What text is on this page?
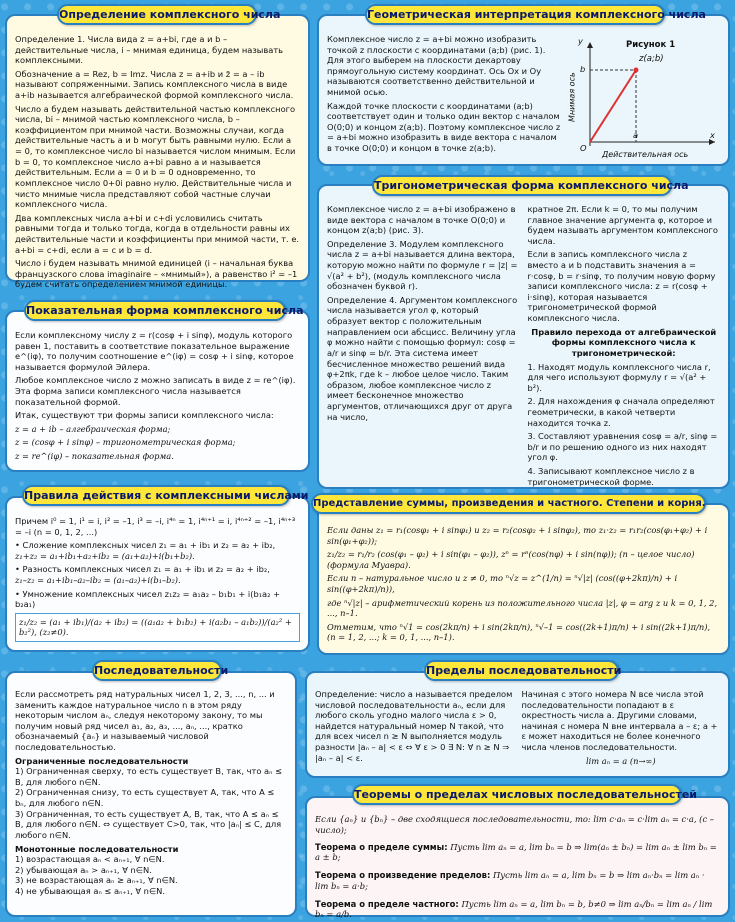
Определение 1. Числа вида z = a+bi, где a и b – действительные числа, i – мнимая единица, будем называть комплексными.

Обозначение a = Rez, b = Imz. Числа z = a+ib и z̄ = a – ib называют сопряженными. Запись комплексного числа в виде a+ib называется алгебраической формой комплексного числа.

Число a будем называть действительной частью комплексного числа, bi – мнимой частью комплексного числа, b – коэффициентом при мнимой части. Возможны случаи, когда действительные часть a и b могут быть равными нулю. Если a = 0, то комплексное число bi называется числом мнимым. Если b = 0, то комплексное число a+bi равно a и называется действительным. Если a = 0 и b = 0 одновременно, то комплексное число 0+0i равно нулю. Действительные числа и чисто мнимые числа представляют собой частные случаи комплексного числа.

Два комплексных числа a+bi и c+di условились считать равными тогда и только тогда, когда в отдельности равны их действительные части и коэффициенты при мнимой части, т. е. a+bi = c+di, если a = c и b = d.

Число i будем называть мнимой единицей (i – начальная буква французского слова imaginaire – «мнимый»), а равенство i² = –1 будем считать определением мнимой единицы.

Определение комплексного числа

Комплексное число z = a+bi можно изобразить точкой z плоскости с координатами (a;b) (рис. 1). Для этого выберем на плоскости декартову прямоугольную систему координат. Ось Ox и Oy называются соответственно действительной и мнимой осью.

Каждой точке плоскости с координатами (a;b) соответствует один и только один вектор с началом O(0;0) и концом z(a;b). Поэтому комплексное число z = a+bi можно изобразить в виде вектора с началом в точке O(0;0) и концом в точке z(a;b).

Рисунок 1
z(a;b)
y
x
b
a
O
Мнимая ось
Действительная ось
Геометрическая интерпретация комплексного числа

Комплексное число z = a+bi изображено в виде вектора с началом в точке O(0;0) и концом z(a;b) (рис. 3).

Определение 3. Модулем комплексного числа z = a+bi называется длина вектора, которую можно найти по формуле r = |z| = √(a² + b²), (модуль комплексного числа обозначен буквой r).

Определение 4. Аргументом комплексного числа называется угол φ, который образует вектор с положительным направлением оси абсцисс. Величину угла φ можно найти с помощью формул: cosφ = a/r и sinφ = b/r. Эта система имеет бесчисленное множество решений вида φ+2πk, где k – любое целое число. Таким образом, любое комплексное число z имеет бесконечное множество аргументов, отличающихся друг от друга на число,

кратное 2π. Если k = 0, то мы получим главное значение аргумента φ, которое и будем называть аргументом комплексного числа.

Если в запись комплексного числа z вместо a и b подставить значения a = r·cosφ, b = r·sinφ, то получим новую форму записи комплексного числа: z = r(cosφ + i·sinφ), которая называется тригонометрической формой комплексного числа.

Правило перехода от алгебраической формы комплексного числа к тригонометрической:

1. Находят модуль комплексного числа r, для чего используют формулу r = √(a² + b²).

2. Для нахождения φ сначала определяют геометрически, в какой четверти находится точка z.

3. Составляют уравнения cosφ = a/r, sinφ = b/r и по решению одного из них находят угол φ.

4. Записывают комплексное число z в тригонометрической форме.

Тригонометрическая форма комплексного числа

Если комплексному числу z = r(cosφ + i sinφ), модуль которого равен 1, поставить в соответствие показательное выражение e^(iφ), то получим соотношение e^(iφ) = cosφ + i sinφ, которое называется формулой Эйлера.

Любое комплексное число z можно записать в виде z = re^(iφ). Эта форма записи комплексного числа называется показательной формой.

Итак, существуют три формы записи комплексного числа:

z = a + ib – алгебраическая форма;

z = (cosφ + i sinφ) – тригонометрическая форма;

z = re^(iφ) – показательная форма.

Показательная форма комплексного числа

Причем i⁰ = 1, i¹ = i, i² = –1, i³ = –i, i⁴ⁿ = 1, i⁴ⁿ⁺¹ = i, i⁴ⁿ⁺² = –1, i⁴ⁿ⁺³ = –i (n = 0, 1, 2, ...)

• Сложение комплексных чисел z₁ = a₁ + ib₁ и z₂ = a₂ + ib₂,

z₁+z₂ = a₁+ib₁+a₂+ib₂ = (a₁+a₂)+i(b₁+b₂).

• Разность комплексных чисел z₁ = a₁ + ib₁ и z₂ = a₂ + ib₂,

z₁–z₂ = a₁+ib₁–a₂–ib₂ = (a₁–a₂)+i(b₁–b₂).

• Умножение комплексных чисел z₁z₂ = a₁a₂ – b₁b₁ + i(b₁a₂ + b₂a₁)

z₁/z₂ = (a₁ + ib₁)/(a₂ + ib₂) = ((a₁a₂ + b₁b₂) + i(a₂b₁ – a₁b₂))/(a₂² + b₂²), (z₂≠0).

Правила действия с комплексными числами

Если даны z₁ = r₁(cosφ₁ + i sinφ₁) и z₂ = r₂(cosφ₂ + i sinφ₂), то z₁·z₂ = r₁r₂(cos(φ₁+φ₂) + i sin(φ₁+φ₂));

z₁/z₂ = r₁/r₂ (cos(φ₁ – φ₂) + i sin(φ₁ – φ₂)), zⁿ = rⁿ(cos(nφ) + i sin(nφ)); (n – целое число) (формула Муавра).

Если n – натуральное число и z ≠ 0, то ⁿ√z = z^(1/n) = ⁿ√|z| (cos((φ+2kπ)/n) + i sin((φ+2kπ)/n)),

где ⁿ√|z| – арифметический корень из положительного числа |z|, φ = arg z и k = 0, 1, 2, ..., n–1.

Отметим, что ⁿ√1 = cos(2kπ/n) + i sin(2kπ/n), ⁿ√–1 = cos((2k+1)π/n) + i sin((2k+1)π/n), (n = 1, 2, ...; k = 0, 1, ..., n–1).

Представление суммы, произведения и частного. Степени и корня.

Если рассмотреть ряд натуральных чисел 1, 2, 3, ..., n, ... и заменить каждое натуральное число n в этом ряду некоторым числом aₙ, следуя некоторому закону, то мы получим новый ряд чисел a₁, a₂, a₃, ..., aₙ, ..., кратко обозначаемый {aₙ} и называемый числовой последовательностью.

Ограниченные последовательности

1) Ограниченная сверху, то есть существует B, так, что aₙ ≤ B, для любого n∈N.

2) Ограниченная снизу, то есть существует A, так, что A ≤ bₙ, для любого n∈N.

3) Ограниченная, то есть существует A, B, так, что A ≤ aₙ ≤ B, для любого n∈N. ⇔ существует C>0, так, что |aₙ| ≤ C, для любого n∈N.

Монотонные последовательности

1) возрастающая aₙ < aₙ₊₁, ∀ n∈N.

2) убывающая aₙ > aₙ₊₁, ∀ n∈N.

3) не возрастающая aₙ ≥ aₙ₊₁, ∀ n∈N.

4) не убывающая aₙ ≤ aₙ₊₁, ∀ n∈N.

Последовательности

Определение: число a называется пределом числовой последовательности aₙ, если для любого сколь угодно малого числа ε > 0, найдется натуральный номер N такой, что для всех чисел n ≥ N выполняется модуль разности |aₙ – a| < ε ⇔ ∀ ε > 0 ∃ N: ∀ n ≥ N ⇒ |aₙ – a| < ε.

Начиная с этого номера N все числа этой последовательности попадают в ε окрестность числа a. Другими словами, начиная с номера N вне интервала a – ε; a + ε может находиться не более конечного числа членов последовательности.

lim aₙ = a (n→∞)

Пределы последовательности

Если {aₙ} и {bₙ} – две сходящиеся последовательности, то: lim c·aₙ = c·lim aₙ = c·a, (c – число);

Теорема о пределе суммы: Пусть lim aₙ = a, lim bₙ = b ⇒ lim(aₙ ± bₙ) = lim aₙ ± lim bₙ = a ± b;

Теорема о произведение пределов: Пусть lim aₙ = a, lim bₙ = b ⇒ lim aₙ·bₙ = lim aₙ · lim bₙ = a·b;

Теорема о пределе частного: Пусть lim aₙ = a, lim bₙ = b, b≠0 ⇒ lim aₙ/bₙ = lim aₙ / lim bₙ = a/b.

Теоремы о пределах числовых последовательностей
